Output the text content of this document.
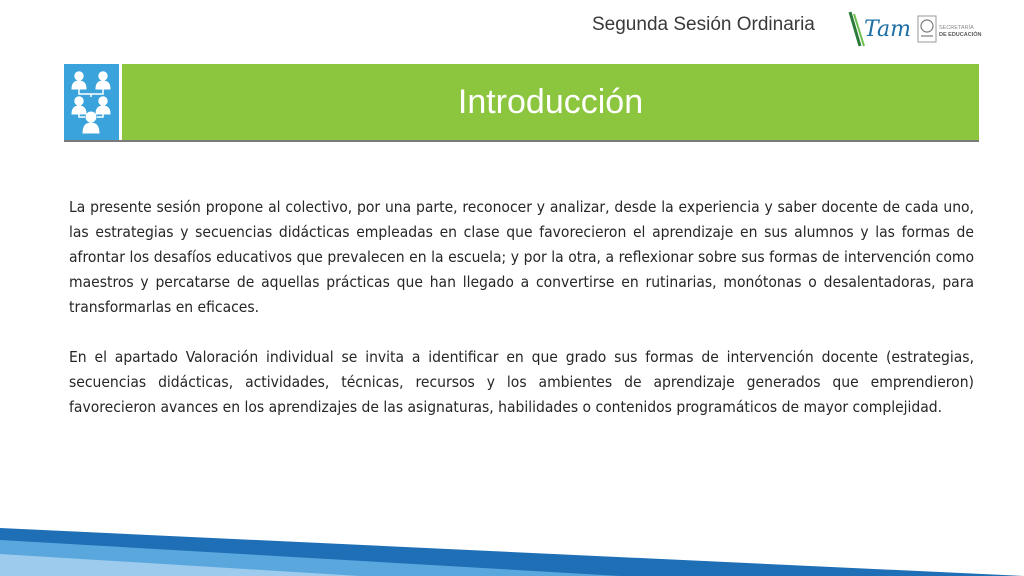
Segunda Sesión Ordinaria Tam	SECRETARÍA
DE EDUCACIÓN
Introducción

La presente sesión propone al colectivo, por una parte, reconocer y analizar, desde la experiencia y saber docente de cada uno, las estrategias y secuencias didácticas empleadas en clase que favorecieron el aprendizaje en sus alumnos y las formas de afrontar los desafíos educativos que prevalecen en la escuela; y por la otra, a reflexionar sobre sus formas de intervención como maestros y percatarse de aquellas prácticas que han llegado a convertirse en rutinarias, monótonas o desalentadoras, para transformarlas en eficaces.

En el apartado Valoración individual se invita a identificar en que grado sus formas de intervención docente (estrategias, secuencias didácticas, actividades, técnicas, recursos y los ambientes de aprendizaje generados que emprendieron) favorecieron avances en los aprendizajes de las asignaturas, habilidades o contenidos programáticos de mayor complejidad.
